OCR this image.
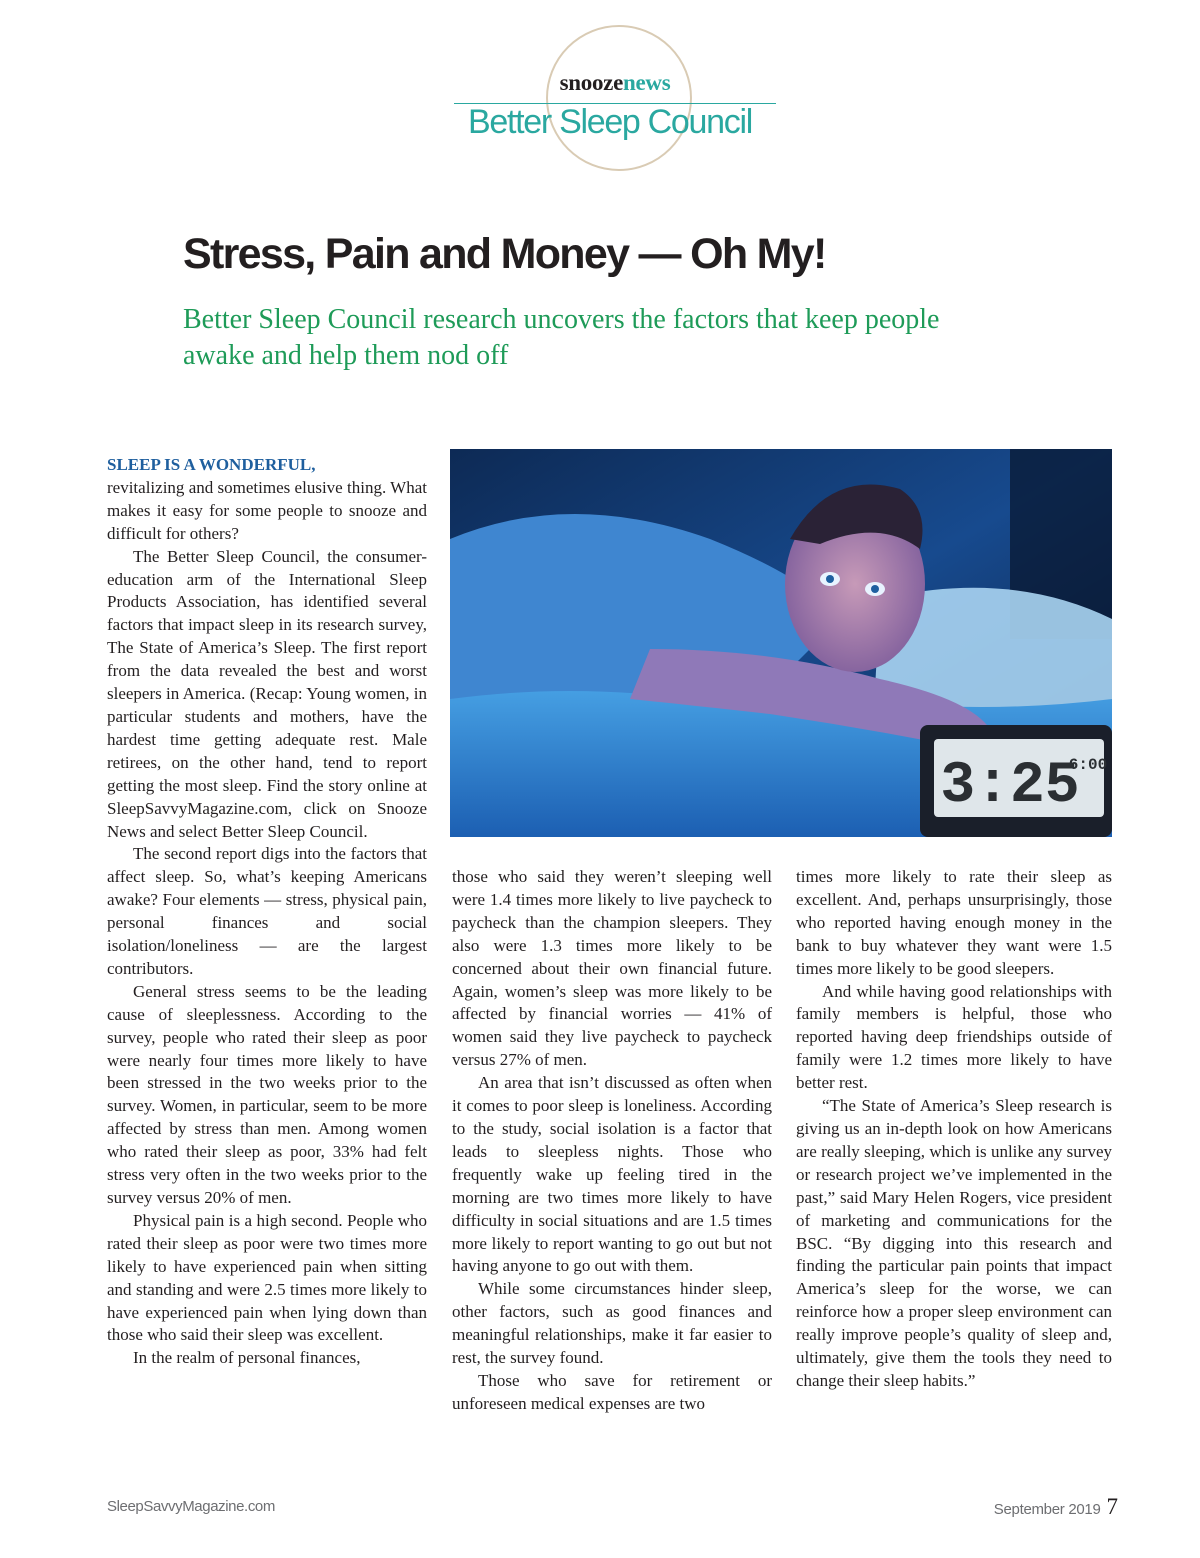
snoozenews
Better Sleep Council
Stress, Pain and Money — Oh My!

Better Sleep Council research uncovers the factors that keep people awake and help them nod off

3:25
6:00

SLEEP IS A WONDERFUL,
revitalizing and sometimes elusive thing. What makes it easy for some people to snooze and difficult for others?

The Better Sleep Council, the consumer-education arm of the International Sleep Products Association, has identified several factors that impact sleep in its research survey, The State of America’s Sleep. The first report from the data revealed the best and worst sleepers in America. (Recap: Young women, in particular students and mothers, have the hardest time getting adequate rest. Male retirees, on the other hand, tend to report getting the most sleep. Find the story online at SleepSavvyMagazine.com, click on Snooze News and select Better Sleep Council.

The second report digs into the factors that affect sleep. So, what’s keeping Americans awake? Four elements — stress, physical pain, personal finances and social isolation/loneliness — are the largest contributors.

General stress seems to be the leading cause of sleeplessness. According to the survey, people who rated their sleep as poor were nearly four times more likely to have been stressed in the two weeks prior to the survey. Women, in particular, seem to be more affected by stress than men. Among women who rated their sleep as poor, 33% had felt stress very often in the two weeks prior to the survey versus 20% of men.

Physical pain is a high second. People who rated their sleep as poor were two times more likely to have experienced pain when sitting and standing and were 2.5 times more likely to have experienced pain when lying down than those who said their sleep was excellent.

In the realm of personal finances,

those who said they weren’t sleeping well were 1.4 times more likely to live paycheck to paycheck than the champion sleepers. They also were 1.3 times more likely to be concerned about their own financial future. Again, women’s sleep was more likely to be affected by financial worries — 41% of women said they live paycheck to paycheck versus 27% of men.

An area that isn’t discussed as often when it comes to poor sleep is loneliness. According to the study, social isolation is a factor that leads to sleepless nights. Those who frequently wake up feeling tired in the morning are two times more likely to have difficulty in social situations and are 1.5 times more likely to report wanting to go out but not having anyone to go out with them.

While some circumstances hinder sleep, other factors, such as good finances and meaningful relationships, make it far easier to rest, the survey found.

Those who save for retirement or unforeseen medical expenses are two

times more likely to rate their sleep as excellent. And, perhaps unsurprisingly, those who reported having enough money in the bank to buy whatever they want were 1.5 times more likely to be good sleepers.

And while having good relationships with family members is helpful, those who reported having deep friendships outside of family were 1.2 times more likely to have better rest.

“The State of America’s Sleep research is giving us an in-depth look on how Americans are really sleeping, which is unlike any survey or research project we’ve implemented in the past,” said Mary Helen Rogers, vice president of marketing and communications for the BSC. “By digging into this research and finding the particular pain points that impact America’s sleep for the worse, we can reinforce how a proper sleep environment can really improve people’s quality of sleep and, ultimately, give them the tools they need to change their sleep habits.”

SleepSavvyMagazine.com	September 2019 7
